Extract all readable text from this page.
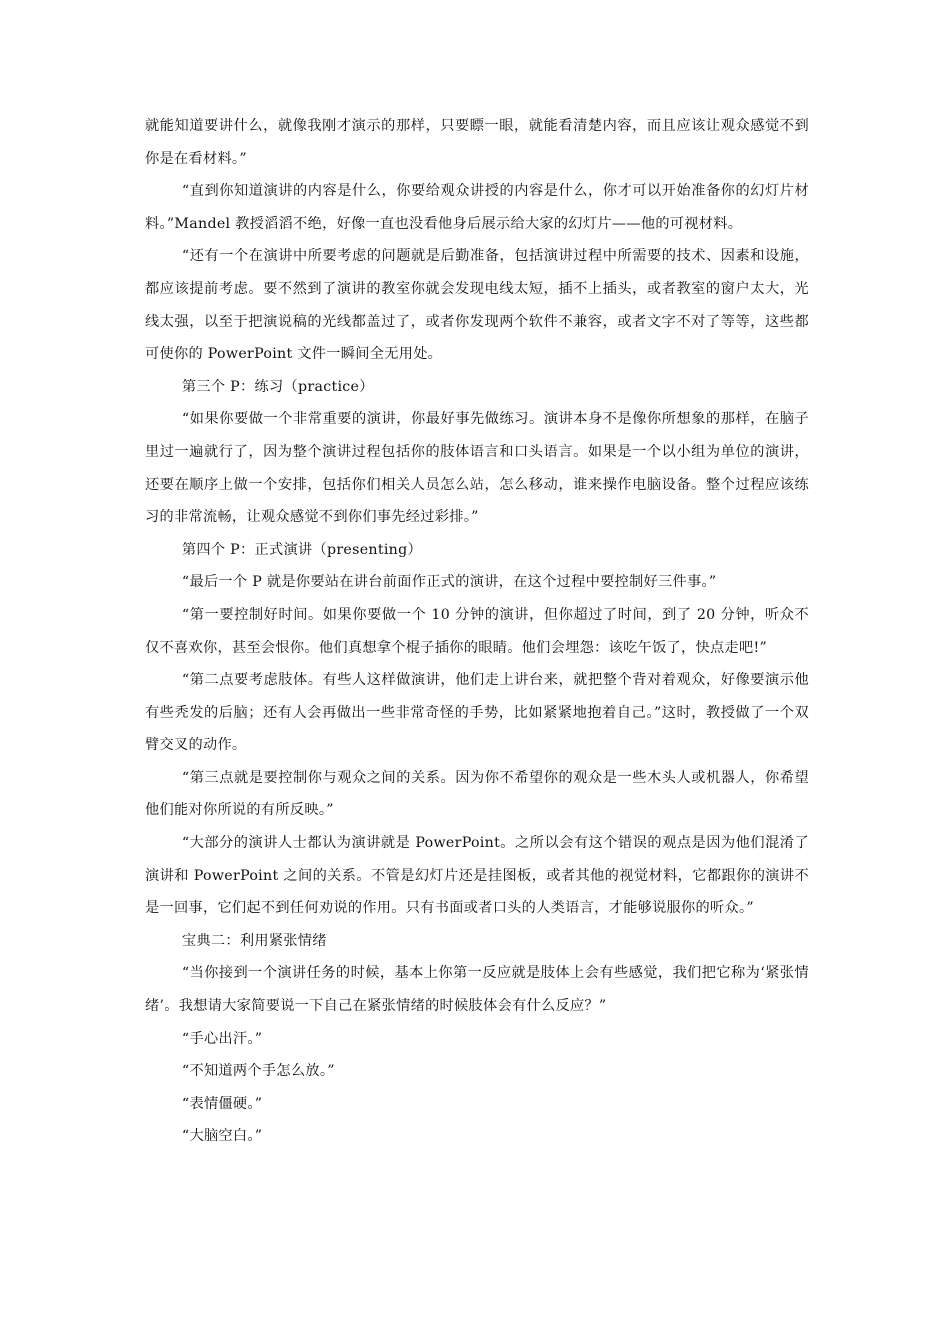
就能知道要讲什么，就像我刚才演示的那样，只要瞟一眼，就能看清楚内容，而且应该让观众感觉不到你是在看材料。”

“直到你知道演讲的内容是什么，你要给观众讲授的内容是什么，你才可以开始准备你的幻灯片材料。”Mandel 教授滔滔不绝，好像一直也没看他身后展示给大家的幻灯片——他的可视材料。

“还有一个在演讲中所要考虑的问题就是后勤准备，包括演讲过程中所需要的技术、因素和设施，都应该提前考虑。要不然到了演讲的教室你就会发现电线太短，插不上插头，或者教室的窗户太大，光线太强，以至于把演说稿的光线都盖过了，或者你发现两个软件不兼容，或者文字不对了等等，这些都可使你的 PowerPoint 文件一瞬间全无用处。

第三个 P：练习（practice）

“如果你要做一个非常重要的演讲，你最好事先做练习。演讲本身不是像你所想象的那样，在脑子里过一遍就行了，因为整个演讲过程包括你的肢体语言和口头语言。如果是一个以小组为单位的演讲，还要在顺序上做一个安排，包括你们相关人员怎么站，怎么移动，谁来操作电脑设备。整个过程应该练习的非常流畅，让观众感觉不到你们事先经过彩排。”

第四个 P：正式演讲（presenting）

“最后一个 P 就是你要站在讲台前面作正式的演讲，在这个过程中要控制好三件事。”

“第一要控制好时间。如果你要做一个 10 分钟的演讲，但你超过了时间，到了 20 分钟，听众不仅不喜欢你，甚至会恨你。他们真想拿个棍子插你的眼睛。他们会埋怨：该吃午饭了，快点走吧!”

“第二点要考虑肢体。有些人这样做演讲，他们走上讲台来，就把整个背对着观众，好像要演示他有些秃发的后脑；还有人会再做出一些非常奇怪的手势，比如紧紧地抱着自己。”这时，教授做了一个双臂交叉的动作。

“第三点就是要控制你与观众之间的关系。因为你不希望你的观众是一些木头人或机器人，你希望他们能对你所说的有所反映。”

“大部分的演讲人士都认为演讲就是 PowerPoint。之所以会有这个错误的观点是因为他们混淆了演讲和 PowerPoint 之间的关系。不管是幻灯片还是挂图板，或者其他的视觉材料，它都跟你的演讲不是一回事，它们起不到任何劝说的作用。只有书面或者口头的人类语言，才能够说服你的听众。”

宝典二：利用紧张情绪

“当你接到一个演讲任务的时候，基本上你第一反应就是肢体上会有些感觉，我们把它称为‘紧张情绪’。我想请大家简要说一下自己在紧张情绪的时候肢体会有什么反应？”

“手心出汗。”

“不知道两个手怎么放。”

“表情僵硬。”

“大脑空白。”
